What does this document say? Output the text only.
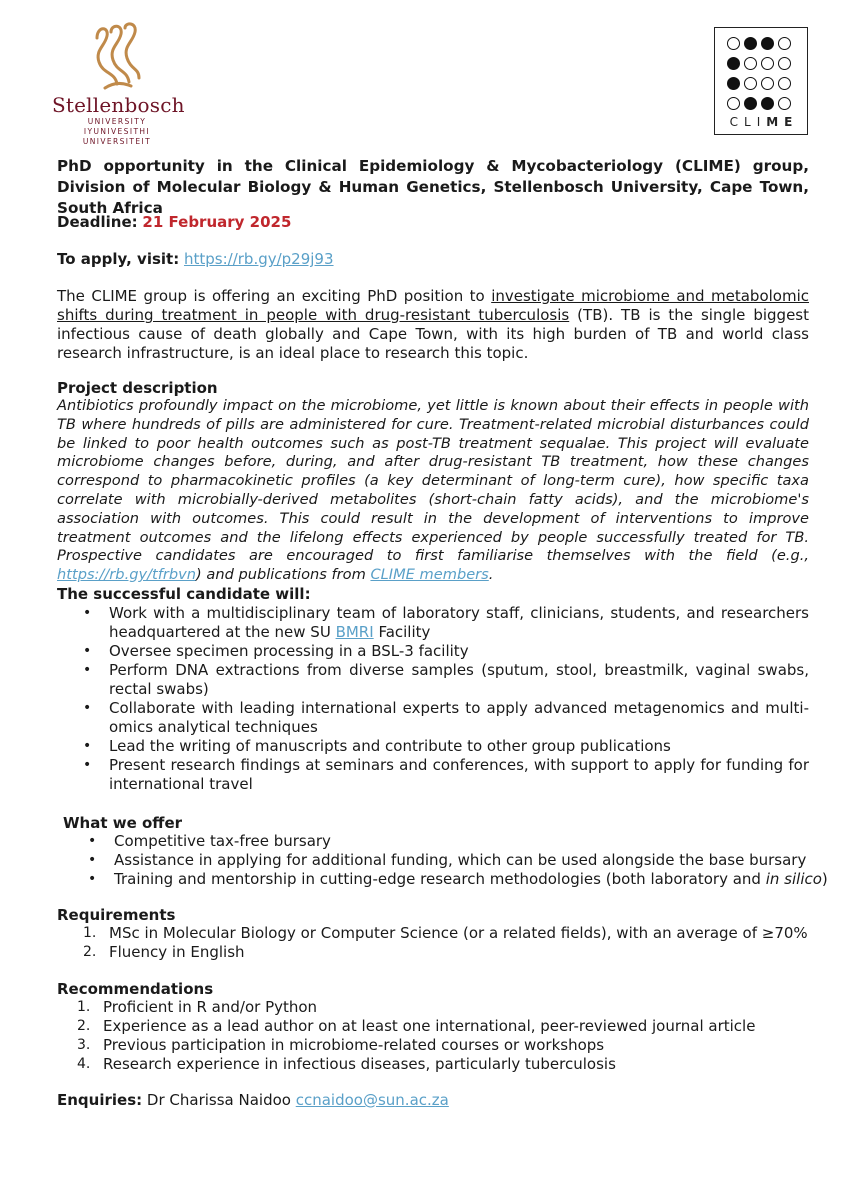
Stellenbosch
UNIVERSITY
IYUNIVESITHI
UNIVERSITEIT
CLIME
PhD opportunity in the Clinical Epidemiology & Mycobacteriology (CLIME) group, Division of Molecular Biology & Human Genetics, Stellenbosch University, Cape Town, South Africa
Deadline: 21 February 2025
To apply, visit: https://rb.gy/p29j93
The CLIME group is offering an exciting PhD position to investigate microbiome and metabolomic shifts during treatment in people with drug-resistant tuberculosis (TB). TB is the single biggest infectious cause of death globally and Cape Town, with its high burden of TB and world class research infrastructure, is an ideal place to research this topic.
Project description
Antibiotics profoundly impact on the microbiome, yet little is known about their effects in people with TB where hundreds of pills are administered for cure. Treatment-related microbial disturbances could be linked to poor health outcomes such as post-TB treatment sequalae. This project will evaluate microbiome changes before, during, and after drug-resistant TB treatment, how these changes correspond to pharmacokinetic profiles (a key determinant of long-term cure), how specific taxa correlate with microbially-derived metabolites (short-chain fatty acids), and the microbiome's association with outcomes. This could result in the development of interventions to improve treatment outcomes and the lifelong effects experienced by people successfully treated for TB. Prospective candidates are encouraged to first familiarise themselves with the field (e.g., https://rb.gy/tfrbvn) and publications from CLIME members.
The successful candidate will:
• Work with a multidisciplinary team of laboratory staff, clinicians, students, and researchers headquartered at the new SU BMRI Facility
• Oversee specimen processing in a BSL-3 facility
• Perform DNA extractions from diverse samples (sputum, stool, breastmilk, vaginal swabs, rectal swabs)
• Collaborate with leading international experts to apply advanced metagenomics and multi-omics analytical techniques
• Lead the writing of manuscripts and contribute to other group publications
• Present research findings at seminars and conferences, with support to apply for funding for international travel
What we offer
• Competitive tax-free bursary
• Assistance in applying for additional funding, which can be used alongside the base bursary
• Training and mentorship in cutting-edge research methodologies (both laboratory and in silico)
Requirements
1. MSc in Molecular Biology or Computer Science (or a related fields), with an average of ≥70%
2. Fluency in English
Recommendations
1. Proficient in R and/or Python
2. Experience as a lead author on at least one international, peer-reviewed journal article
3. Previous participation in microbiome-related courses or workshops
4. Research experience in infectious diseases, particularly tuberculosis
Enquiries: Dr Charissa Naidoo ccnaidoo@sun.ac.za
